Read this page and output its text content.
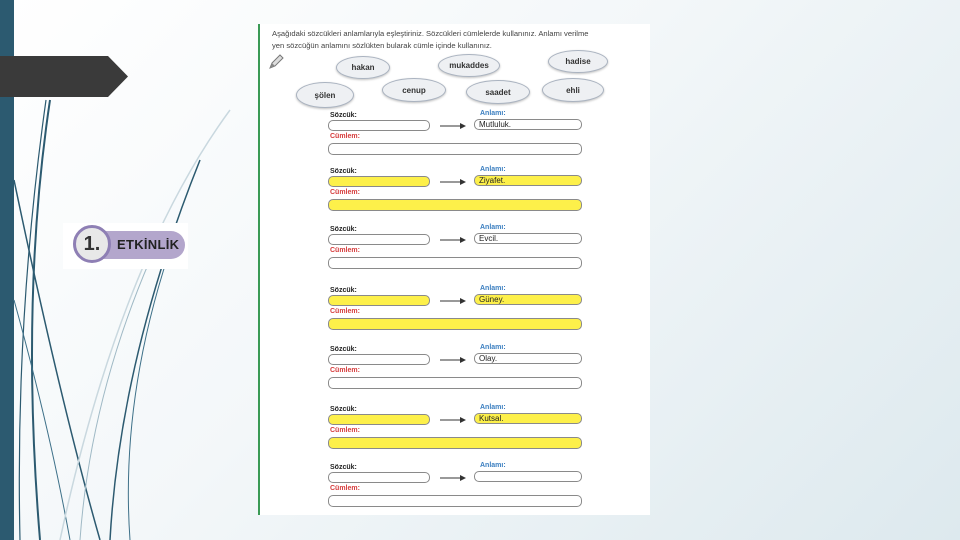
1.	ETKİNLİK
Aşağıdaki sözcükleri anlamlarıyla eşleştiriniz. Sözcükleri cümlelerde kullanınız. Anlamı verilme
yen sözcüğün anlamını sözlükten bularak cümle içinde kullanınız.
hakan	mukaddes	hadise
şölen
cenup	saadet	ehli
Sözcük:	Anlamı:
Mutluluk.
Cümlem:
Sözcük:	Anlamı:
Ziyafet.
Cümlem:
Sözcük:	Anlamı:
Evcil.
Cümlem:
Sözcük:	Anlamı:
Güney.
Cümlem:
Sözcük:	Anlamı:
Olay.
Cümlem:
Sözcük:	Anlamı:
Kutsal.
Cümlem:
Sözcük:	Anlamı:
Cümlem:
